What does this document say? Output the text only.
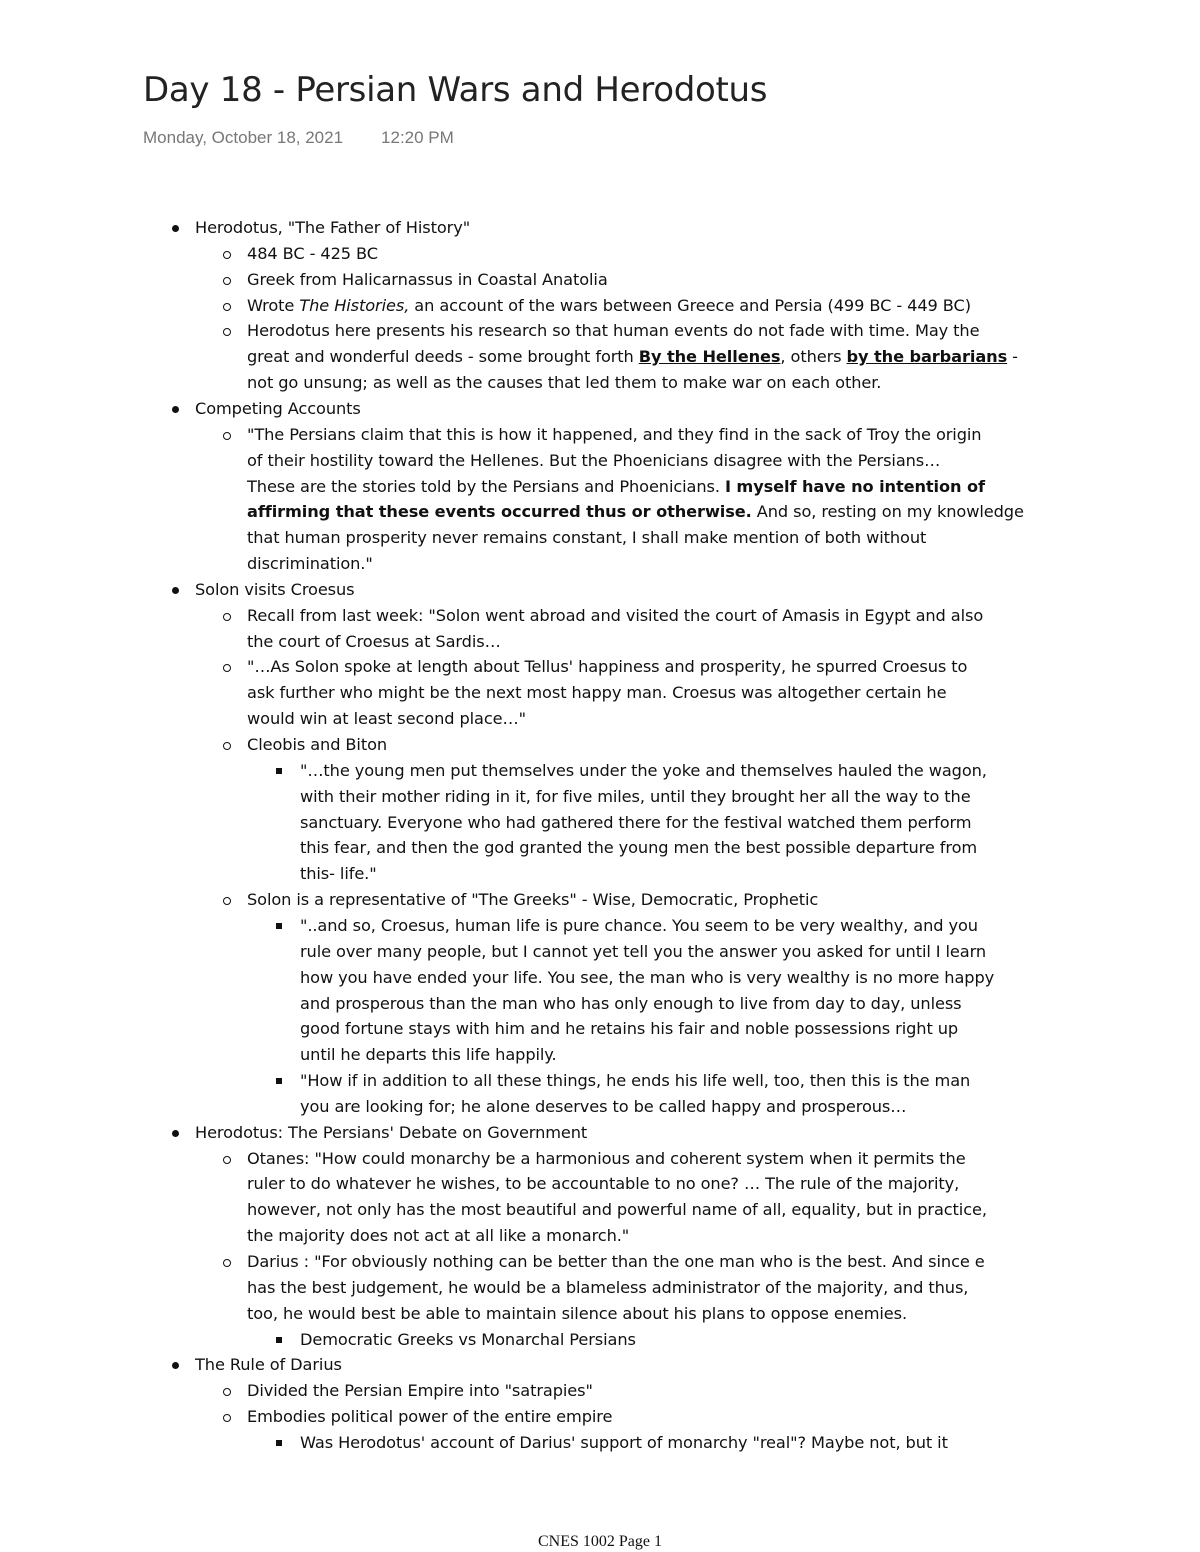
Day 18 - Persian Wars and Herodotus
Monday, October 18, 2021 12:20 PM
Herodotus, "The Father of History"
484 BC - 425 BC
Greek from Halicarnassus in Coastal Anatolia
Wrote The Histories, an account of the wars between Greece and Persia (499 BC - 449 BC)
Herodotus here presents his research so that human events do not fade with time. May the
great and wonderful deeds - some brought forth By the Hellenes, others by the barbarians -
not go unsung; as well as the causes that led them to make war on each other.
Competing Accounts
"The Persians claim that this is how it happened, and they find in the sack of Troy the origin
of their hostility toward the Hellenes. But the Phoenicians disagree with the Persians…
These are the stories told by the Persians and Phoenicians. I myself have no intention of
affirming that these events occurred thus or otherwise. And so, resting on my knowledge
that human prosperity never remains constant, I shall make mention of both without
discrimination."
Solon visits Croesus
Recall from last week: "Solon went abroad and visited the court of Amasis in Egypt and also
the court of Croesus at Sardis…
"…As Solon spoke at length about Tellus' happiness and prosperity, he spurred Croesus to
ask further who might be the next most happy man. Croesus was altogether certain he
would win at least second place…"
Cleobis and Biton
"…the young men put themselves under the yoke and themselves hauled the wagon,
with their mother riding in it, for five miles, until they brought her all the way to the
sanctuary. Everyone who had gathered there for the festival watched them perform
this fear, and then the god granted the young men the best possible departure from
this- life."
Solon is a representative of "The Greeks" - Wise, Democratic, Prophetic
"..and so, Croesus, human life is pure chance. You seem to be very wealthy, and you
rule over many people, but I cannot yet tell you the answer you asked for until I learn
how you have ended your life. You see, the man who is very wealthy is no more happy
and prosperous than the man who has only enough to live from day to day, unless
good fortune stays with him and he retains his fair and noble possessions right up
until he departs this life happily.
"How if in addition to all these things, he ends his life well, too, then this is the man
you are looking for; he alone deserves to be called happy and prosperous…
Herodotus: The Persians' Debate on Government
Otanes: "How could monarchy be a harmonious and coherent system when it permits the
ruler to do whatever he wishes, to be accountable to no one? … The rule of the majority,
however, not only has the most beautiful and powerful name of all, equality, but in practice,
the majority does not act at all like a monarch."
Darius : "For obviously nothing can be better than the one man who is the best. And since e
has the best judgement, he would be a blameless administrator of the majority, and thus,
too, he would best be able to maintain silence about his plans to oppose enemies.
Democratic Greeks vs Monarchal Persians
The Rule of Darius
Divided the Persian Empire into "satrapies"
Embodies political power of the entire empire
Was Herodotus' account of Darius' support of monarchy "real"? Maybe not, but it
CNES 1002 Page 1
